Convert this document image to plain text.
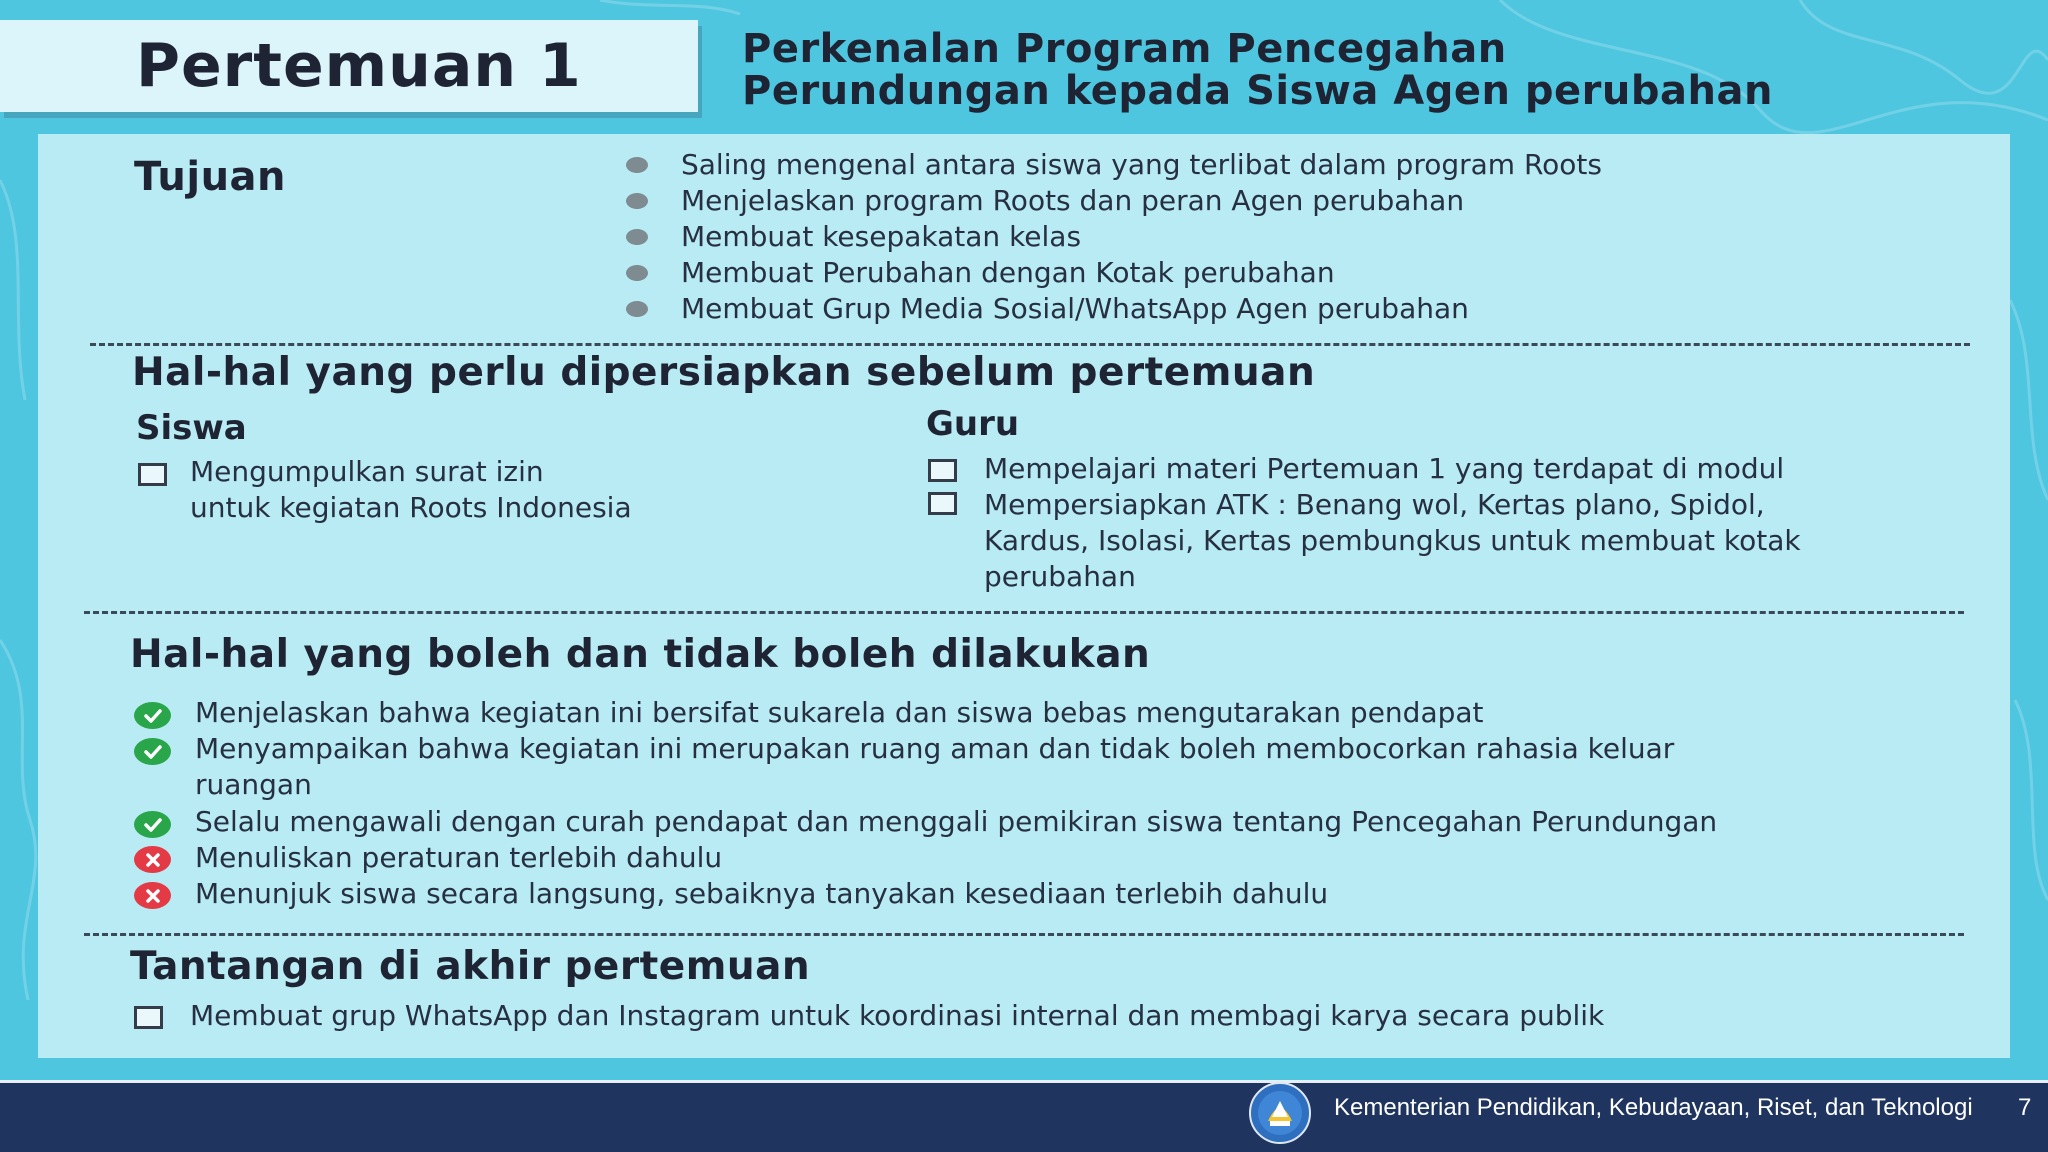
Pertemuan 1	Perkenalan Program Pencegahan
Perundungan kepada Siswa Agen perubahan
Tujuan	Saling mengenal antara siswa yang terlibat dalam program Roots
Menjelaskan program Roots dan peran Agen perubahan
Membuat kesepakatan kelas
Membuat Perubahan dengan Kotak perubahan
Membuat Grup Media Sosial/WhatsApp Agen perubahan
Hal-hal yang perlu dipersiapkan sebelum pertemuan
Siswa
Mengumpulkan surat izin
untuk kegiatan Roots Indonesia
Guru
Mempelajari materi Pertemuan 1 yang terdapat di modul
Mempersiapkan ATK : Benang wol, Kertas plano, Spidol,
Kardus, Isolasi, Kertas pembungkus untuk membuat kotak
perubahan
Hal-hal yang boleh dan tidak boleh dilakukan
Menjelaskan bahwa kegiatan ini bersifat sukarela dan siswa bebas mengutarakan pendapat
Menyampaikan bahwa kegiatan ini merupakan ruang aman dan tidak boleh membocorkan rahasia keluar
ruangan
Selalu mengawali dengan curah pendapat dan menggali pemikiran siswa tentang Pencegahan Perundungan
Menuliskan peraturan terlebih dahulu
Menunjuk siswa secara langsung, sebaiknya tanyakan kesediaan terlebih dahulu
Tantangan di akhir pertemuan
Membuat grup WhatsApp dan Instagram untuk koordinasi internal dan membagi karya secara publik
Kementerian Pendidikan, Kebudayaan, Riset, dan Teknologi 7
